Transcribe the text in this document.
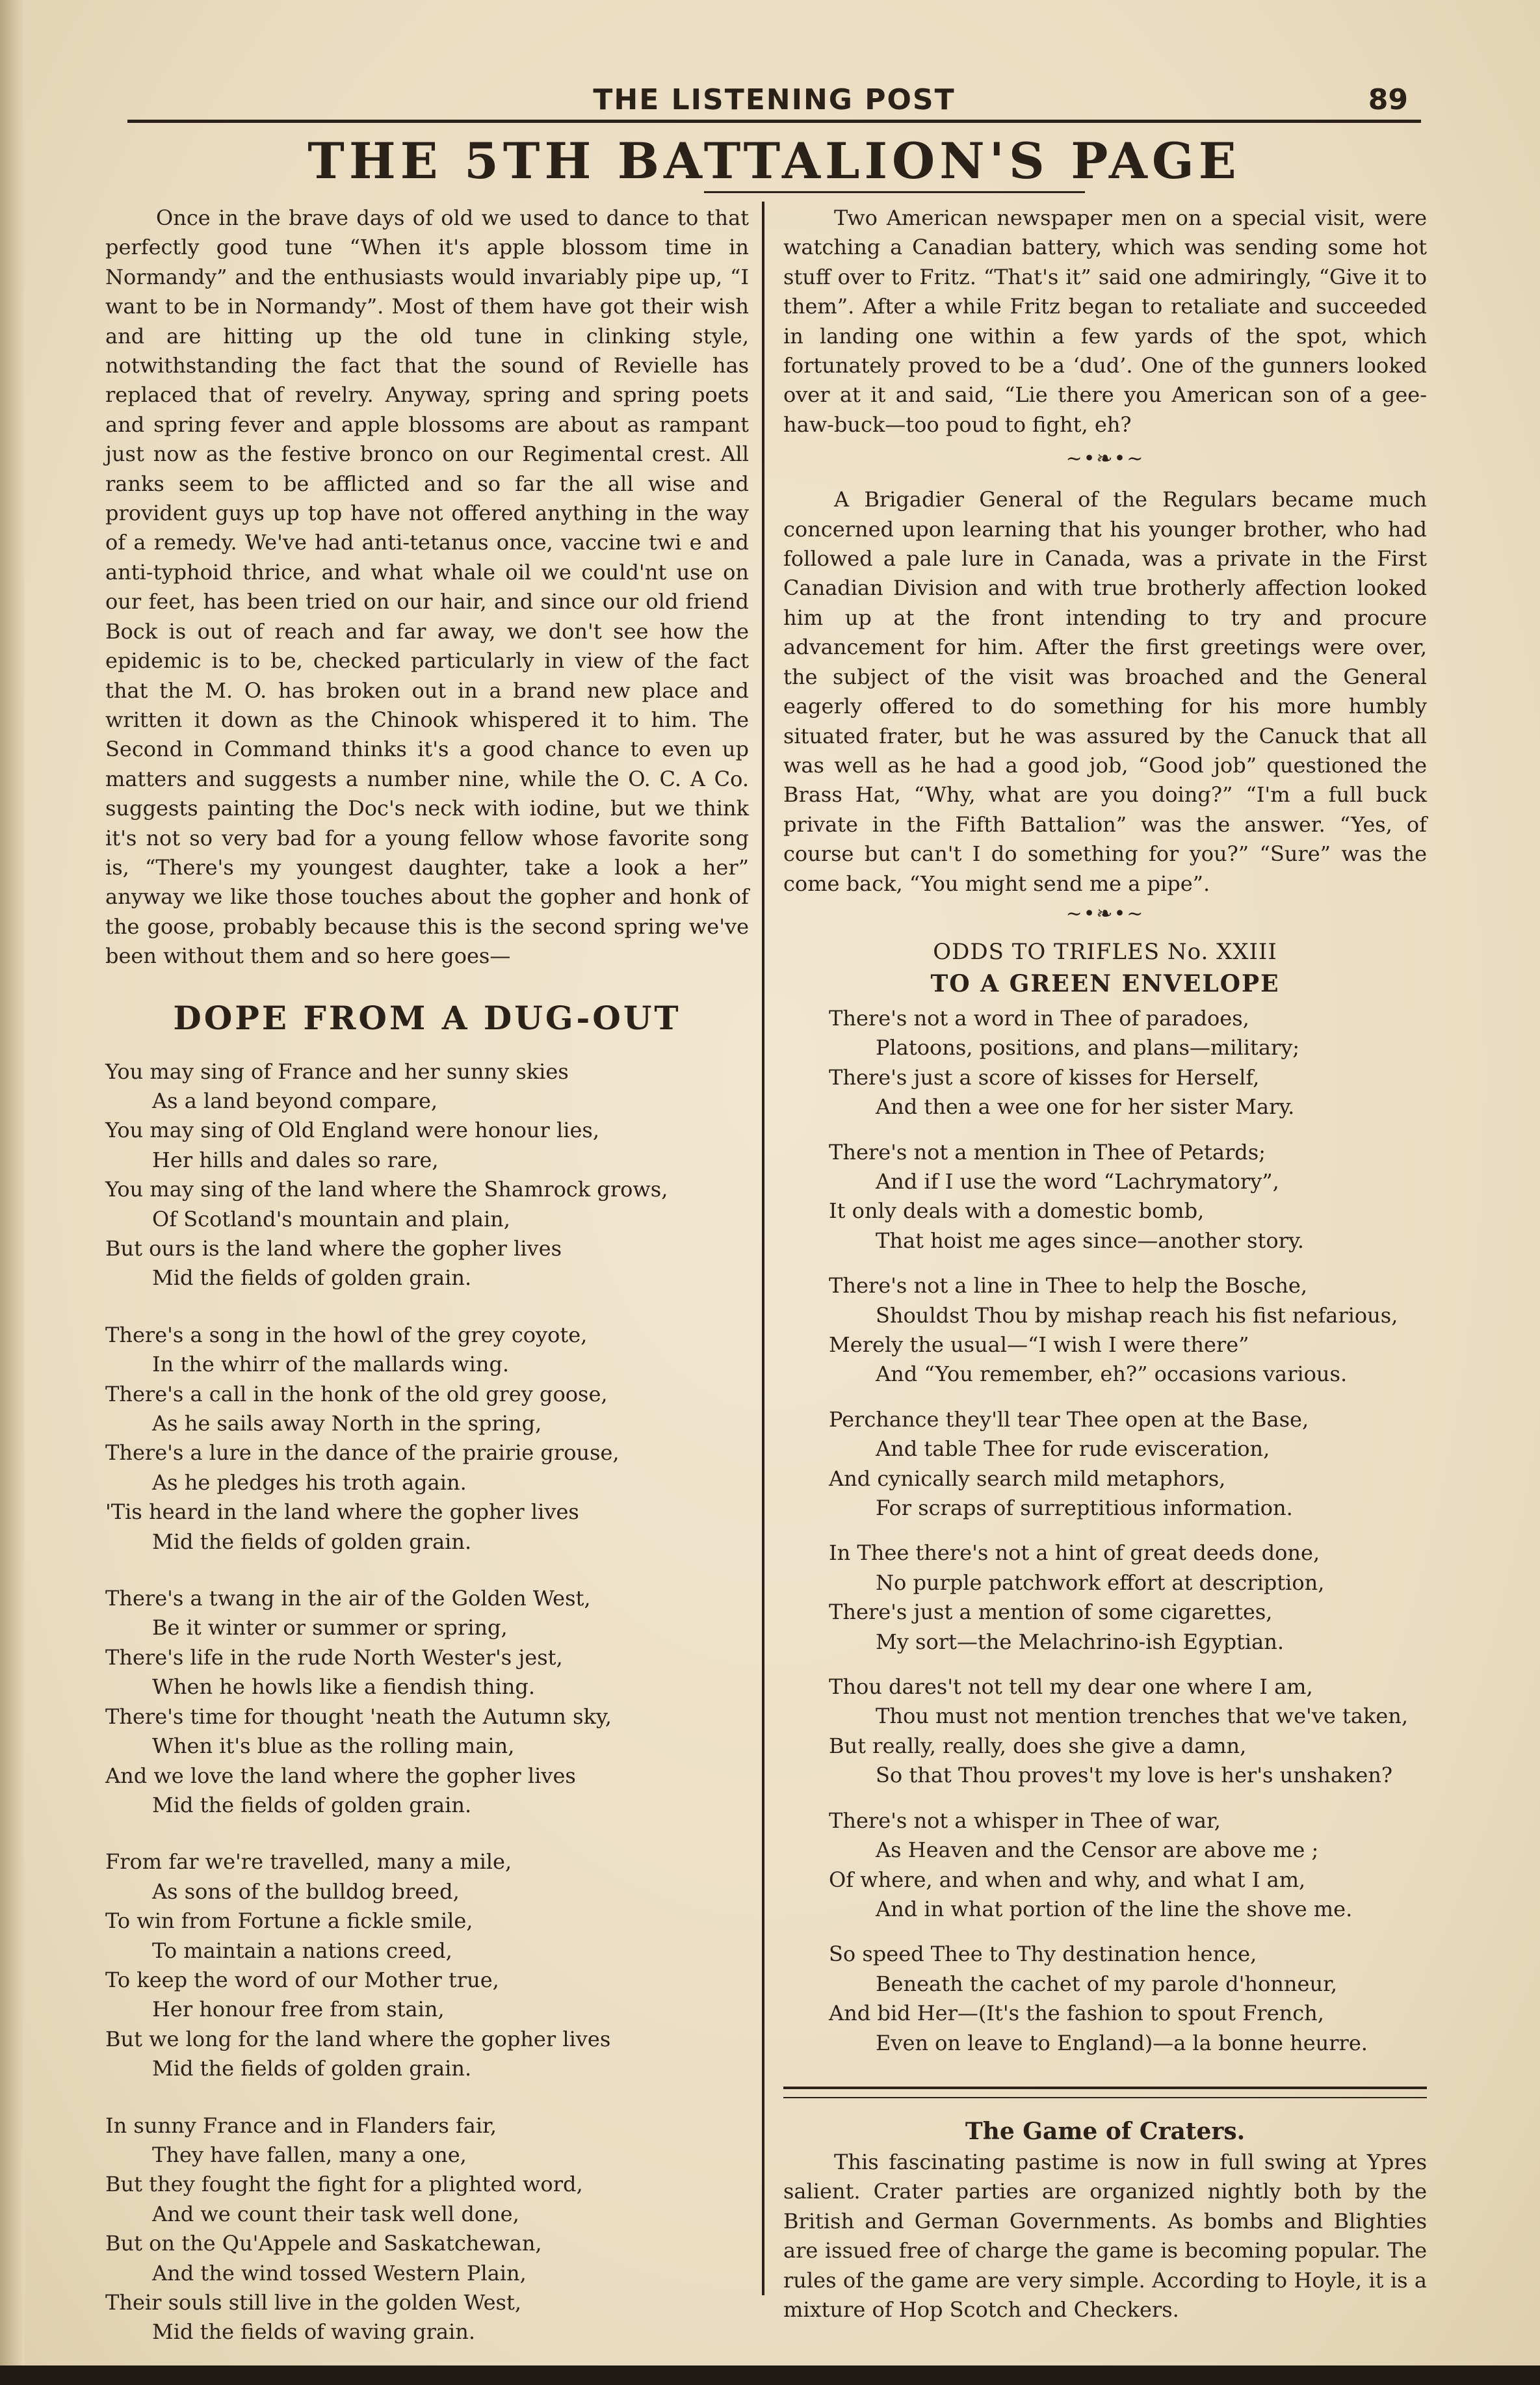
THE LISTENING POST	89
THE 5TH BATTALION'S PAGE

Once in the brave days of old we used to dance to that perfectly good tune “When it's apple blossom time in Normandy” and the enthusiasts would invariably pipe up, “I want to be in Normandy”. Most of them have got their wish and are hitting up the old tune in clinking style, notwithstanding the fact that the sound of Revielle has replaced that of revelry. Anyway, spring and spring poets and spring fever and apple blossoms are about as rampant just now as the festive bronco on our Regimental crest. All ranks seem to be afflicted and so far the all wise and provident guys up top have not offered anything in the way of a remedy. We've had anti-tetanus once, vaccine twi e and anti-typhoid thrice, and what whale oil we could'nt use on our feet, has been tried on our hair, and since our old friend Bock is out of reach and far away, we don't see how the epidemic is to be, checked particularly in view of the fact that the M. O. has broken out in a brand new place and written it down as the Chinook whispered it to him. The Second in Command thinks it's a good chance to even up matters and suggests a number nine, while the O. C. A Co. suggests painting the Doc's neck with iodine, but we think it's not so very bad for a young fellow whose favorite song is, “There's my youngest daughter, take a look a her” anyway we like those touches about the gopher and honk of the goose, probably because this is the second spring we've been without them and so here goes—

DOPE FROM A DUG-OUT
You may sing of France and her sunny skies
As a land beyond compare,
You may sing of Old England were honour lies,
Her hills and dales so rare,
You may sing of the land where the Shamrock grows,
Of Scotland's mountain and plain,
But ours is the land where the gopher lives
Mid the fields of golden grain.
There's a song in the howl of the grey coyote,
In the whirr of the mallards wing.
There's a call in the honk of the old grey goose,
As he sails away North in the spring,
There's a lure in the dance of the prairie grouse,
As he pledges his troth again.
'Tis heard in the land where the gopher lives
Mid the fields of golden grain.
There's a twang in the air of the Golden West,
Be it winter or summer or spring,
There's life in the rude North Wester's jest,
When he howls like a fiendish thing.
There's time for thought 'neath the Autumn sky,
When it's blue as the rolling main,
And we love the land where the gopher lives
Mid the fields of golden grain.
From far we're travelled, many a mile,
As sons of the bulldog breed,
To win from Fortune a fickle smile,
To maintain a nations creed,
To keep the word of our Mother true,
Her honour free from stain,
But we long for the land where the gopher lives
Mid the fields of golden grain.
In sunny France and in Flanders fair,
They have fallen, many a one,
But they fought the fight for a plighted word,
And we count their task well done,
But on the Qu'Appele and Saskatchewan,
And the wind tossed Western Plain,
Their souls still live in the golden West,
Mid the fields of waving grain.

Two American newspaper men on a special visit, were watching a Canadian battery, which was sending some hot stuff over to Fritz. “That's it” said one admiringly, “Give it to them”. After a while Fritz began to retaliate and succeeded in landing one within a few yards of the spot, which fortunately proved to be a ‘dud’. One of the gunners looked over at it and said, “Lie there you American son of a gee-haw-buck—too poud to fight, eh?

∼•❧•∼

A Brigadier General of the Regulars became much concerned upon learning that his younger brother, who had followed a pale lure in Canada, was a private in the First Canadian Division and with true brotherly affection looked him up at the front intending to try and procure advancement for him. After the first greetings were over, the subject of the visit was broached and the General eagerly offered to do something for his more humbly situated frater, but he was assured by the Canuck that all was well as he had a good job, “Good job” questioned the Brass Hat, “Why, what are you doing?” “I'm a full buck private in the Fifth Battalion” was the answer. “Yes, of course but can't I do something for you?” “Sure” was the come back, “You might send me a pipe”.

∼•❧•∼
ODDS TO TRIFLES No. XXIII
TO A GREEN ENVELOPE
There's not a word in Thee of paradoes,
Platoons, positions, and plans—military;
There's just a score of kisses for Herself,
And then a wee one for her sister Mary.
There's not a mention in Thee of Petards;
And if I use the word “Lachrymatory”,
It only deals with a domestic bomb,
That hoist me ages since—another story.
There's not a line in Thee to help the Bosche,
Shouldst Thou by mishap reach his fist nefarious,
Merely the usual—“I wish I were there”
And “You remember, eh?” occasions various.
Perchance they'll tear Thee open at the Base,
And table Thee for rude evisceration,
And cynically search mild metaphors,
For scraps of surreptitious information.
In Thee there's not a hint of great deeds done,
No purple patchwork effort at description,
There's just a mention of some cigarettes,
My sort—the Melachrino-ish Egyptian.
Thou dares't not tell my dear one where I am,
Thou must not mention trenches that we've taken,
But really, really, does she give a damn,
So that Thou proves't my love is her's unshaken?
There's not a whisper in Thee of war,
As Heaven and the Censor are above me ;
Of where, and when and why, and what I am,
And in what portion of the line the shove me.
So speed Thee to Thy destination hence,
Beneath the cachet of my parole d'honneur,
And bid Her—(It's the fashion to spout French,
Even on leave to England)—a la bonne heurre.
The Game of Craters.

This fascinating pastime is now in full swing at Ypres salient. Crater parties are organized nightly both by the British and German Governments. As bombs and Blighties are issued free of charge the game is becoming popular. The rules of the game are very simple. According to Hoyle, it is a mixture of Hop Scotch and Checkers.
